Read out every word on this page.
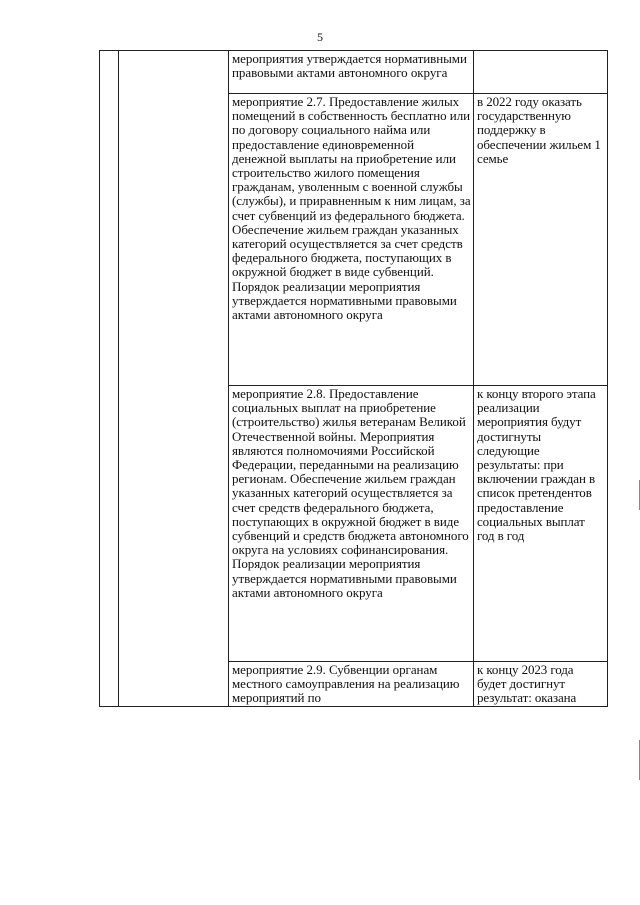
5

		мероприятия утверждается нормативными правовыми актами автономного округа	

		мероприятие 2.7. Предоставление жилых помещений в собственность бесплатно или по договору социального найма или предоставление единовременной денежной выплаты на приобретение или строительство жилого помещения гражданам, уволенным с военной службы (службы), и приравненным к ним лицам, за счет субвенций из федерального бюджета. Обеспечение жильем граждан указанных категорий осуществляется за счет средств федерального бюджета, поступающих в окружной бюджет в виде субвенций. Порядок реализации мероприятия утверждается нормативными правовыми актами автономного округа	в 2022 году оказать государственную поддержку в обеспечении жильем 1 семье

		мероприятие 2.8. Предоставление социальных выплат на приобретение (строительство) жилья ветеранам Великой Отечественной войны. Мероприятия являются полномочиями Российской Федерации, переданными на реализацию регионам. Обеспечение жильем граждан указанных категорий осуществляется за счет средств федерального бюджета, поступающих в окружной бюджет в виде субвенций и средств бюджета автономного округа на условиях софинансирования. Порядок реализации мероприятия утверждается нормативными правовыми актами автономного округа	к концу второго этапа реализации мероприятия будут достигнуты следующие результаты: при включении граждан в список претендентов предоставление социальных выплат год в год

		мероприятие 2.9. Субвенции органам местного самоуправления на реализацию мероприятий по	к концу 2023 года будет достигнут результат: оказана
